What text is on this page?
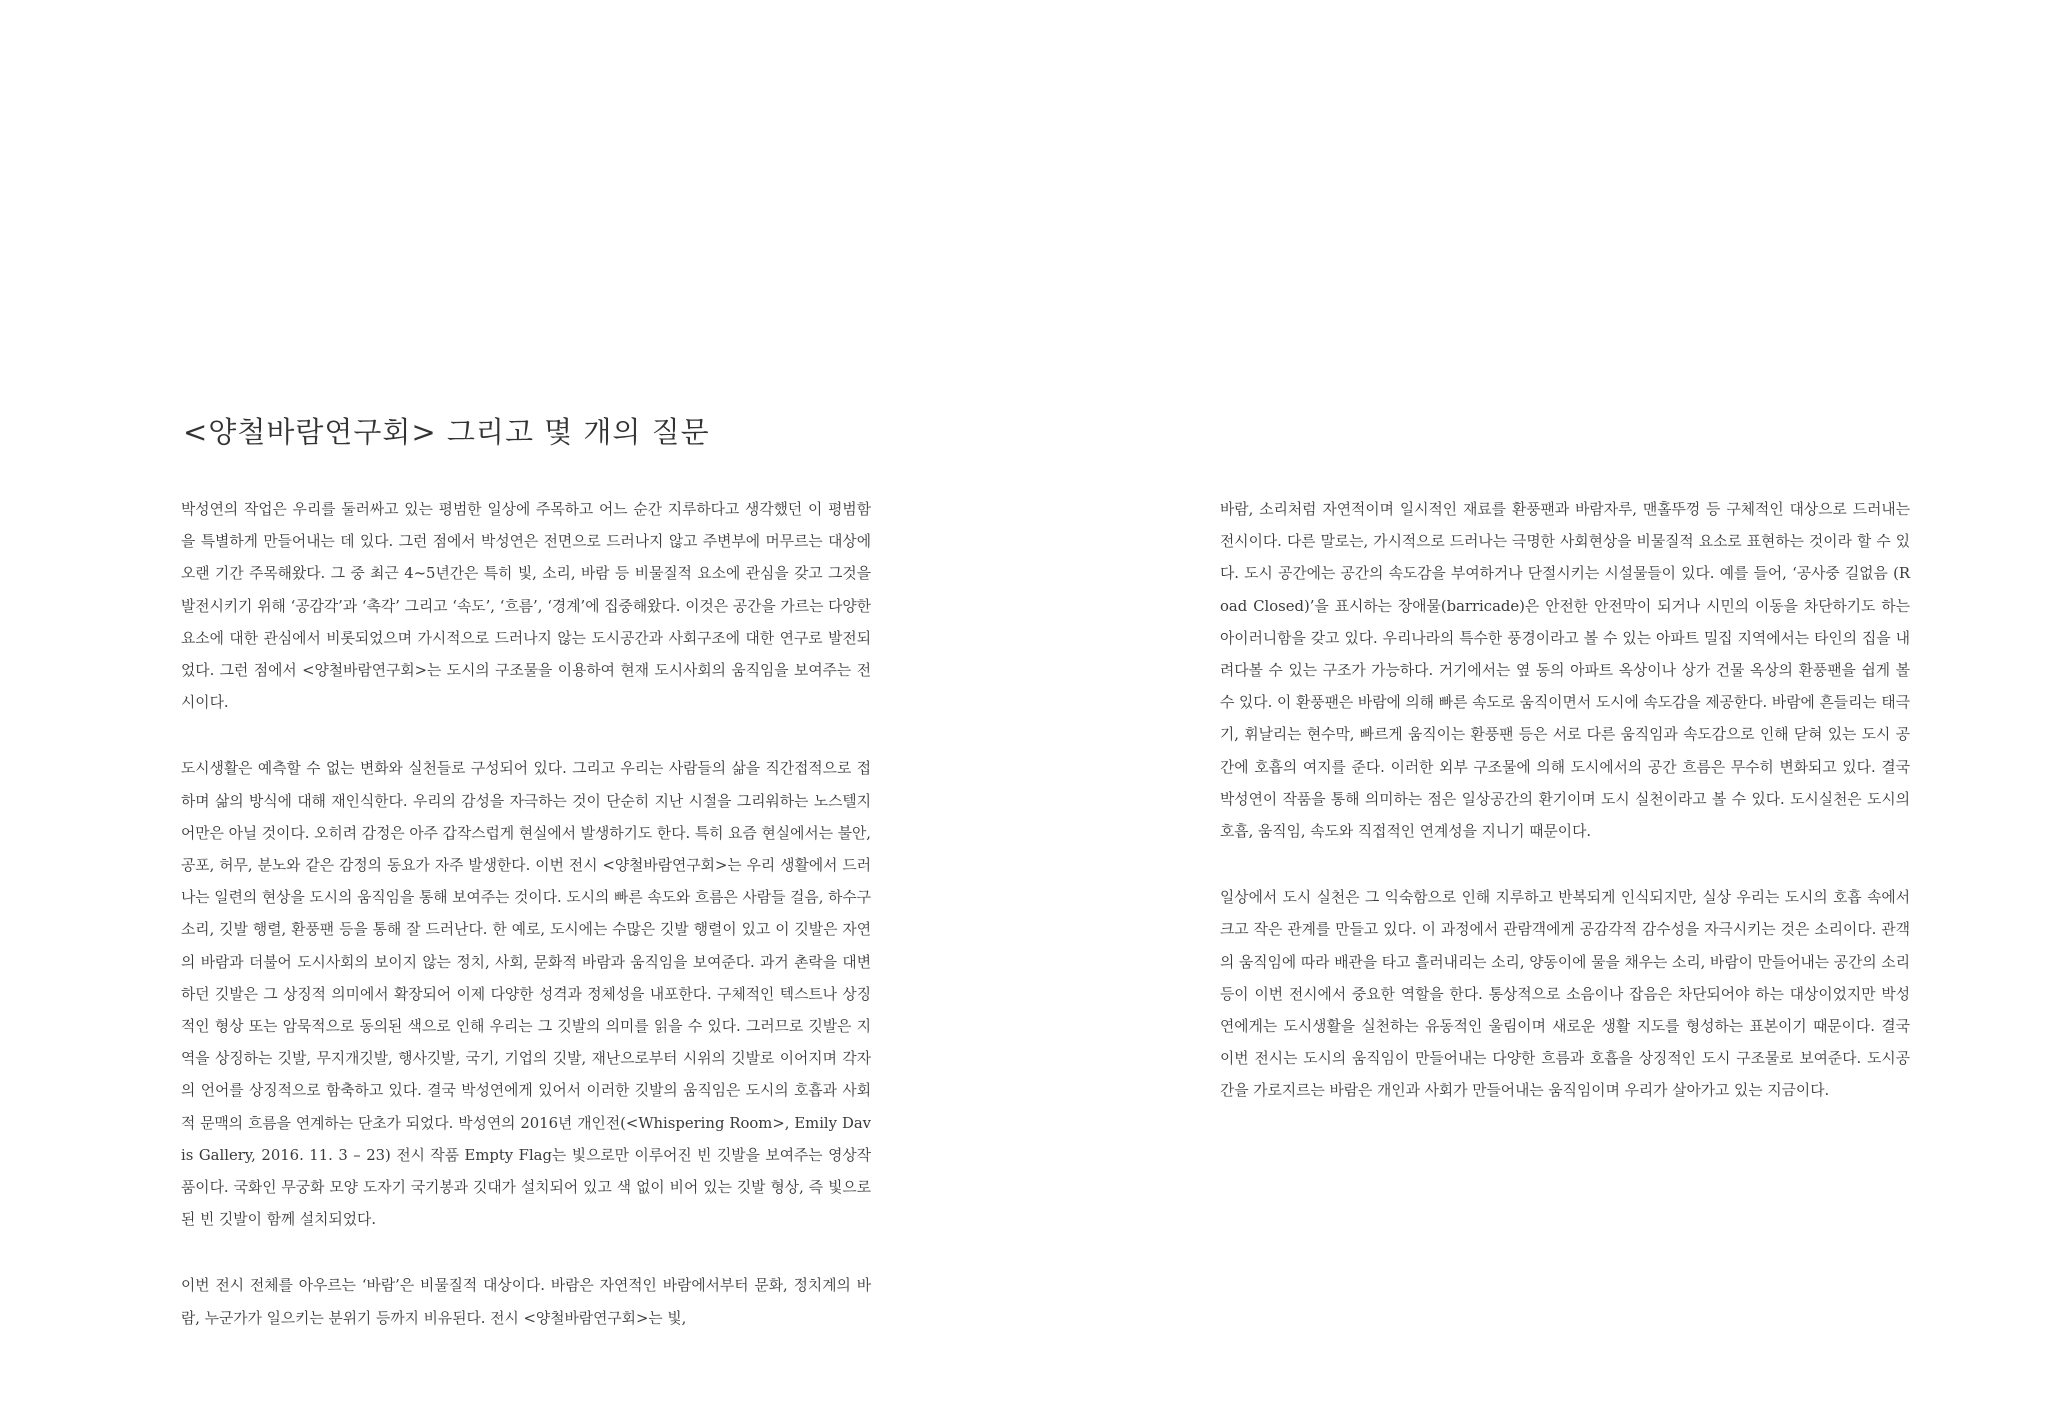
<양철바람연구회> 그리고 몇 개의 질문

박성연의 작업은 우리를 둘러싸고 있는 평범한 일상에 주목하고 어느 순간 지루하다고 생각했던 이 평범함을 특별하게 만들어내는 데 있다. 그런 점에서 박성연은 전면으로 드러나지 않고 주변부에 머무르는 대상에 오랜 기간 주목해왔다. 그 중 최근 4~5년간은 특히 빛, 소리, 바람 등 비물질적 요소에 관심을 갖고 그것을 발전시키기 위해 ‘공감각’과 ‘촉각’ 그리고 ‘속도’, ‘흐름’, ‘경계’에 집중해왔다. 이것은 공간을 가르는 다양한 요소에 대한 관심에서 비롯되었으며 가시적으로 드러나지 않는 도시공간과 사회구조에 대한 연구로 발전되었다. 그런 점에서 <양철바람연구회>는 도시의 구조물을 이용하여 현재 도시사회의 움직임을 보여주는 전시이다.

도시생활은 예측할 수 없는 변화와 실천들로 구성되어 있다. 그리고 우리는 사람들의 삶을 직간접적으로 접하며 삶의 방식에 대해 재인식한다. 우리의 감성을 자극하는 것이 단순히 지난 시절을 그리워하는 노스텔지어만은 아닐 것이다. 오히려 감정은 아주 갑작스럽게 현실에서 발생하기도 한다. 특히 요즘 현실에서는 불안, 공포, 허무, 분노와 같은 감정의 동요가 자주 발생한다. 이번 전시 <양철바람연구회>는 우리 생활에서 드러나는 일련의 현상을 도시의 움직임을 통해 보여주는 것이다. 도시의 빠른 속도와 흐름은 사람들 걸음, 하수구 소리, 깃발 행렬, 환풍팬 등을 통해 잘 드러난다. 한 예로, 도시에는 수많은 깃발 행렬이 있고 이 깃발은 자연의 바람과 더불어 도시사회의 보이지 않는 정치, 사회, 문화적 바람과 움직임을 보여준다. 과거 촌락을 대변하던 깃발은 그 상징적 의미에서 확장되어 이제 다양한 성격과 정체성을 내포한다. 구체적인 텍스트나 상징적인 형상 또는 암묵적으로 동의된 색으로 인해 우리는 그 깃발의 의미를 읽을 수 있다. 그러므로 깃발은 지역을 상징하는 깃발, 무지개깃발, 행사깃발, 국기, 기업의 깃발, 재난으로부터 시위의 깃발로 이어지며 각자의 언어를 상징적으로 함축하고 있다. 결국 박성연에게 있어서 이러한 깃발의 움직임은 도시의 호흡과 사회적 문맥의 흐름을 연계하는 단초가 되었다. 박성연의 2016년 개인전(<Whispering Room>, Emily Davis Gallery, 2016. 11. 3 – 23) 전시 작품 Empty Flag는 빛으로만 이루어진 빈 깃발을 보여주는 영상작품이다. 국화인 무궁화 모양 도자기 국기봉과 깃대가 설치되어 있고 색 없이 비어 있는 깃발 형상, 즉 빛으로 된 빈 깃발이 함께 설치되었다.

이번 전시 전체를 아우르는 ‘바람’은 비물질적 대상이다. 바람은 자연적인 바람에서부터 문화, 정치계의 바람, 누군가가 일으키는 분위기 등까지 비유된다. 전시 <양철바람연구회>는 빛,

바람, 소리처럼 자연적이며 일시적인 재료를 환풍팬과 바람자루, 맨홀뚜껑 등 구체적인 대상으로 드러내는 전시이다. 다른 말로는, 가시적으로 드러나는 극명한 사회현상을 비물질적 요소로 표현하는 것이라 할 수 있다. 도시 공간에는 공간의 속도감을 부여하거나 단절시키는 시설물들이 있다. 예를 들어, ‘공사중 길없음 (Road Closed)’을 표시하는 장애물(barricade)은 안전한 안전막이 되거나 시민의 이동을 차단하기도 하는 아이러니함을 갖고 있다. 우리나라의 특수한 풍경이라고 볼 수 있는 아파트 밀집 지역에서는 타인의 집을 내려다볼 수 있는 구조가 가능하다. 거기에서는 옆 동의 아파트 옥상이나 상가 건물 옥상의 환풍팬을 쉽게 볼 수 있다. 이 환풍팬은 바람에 의해 빠른 속도로 움직이면서 도시에 속도감을 제공한다. 바람에 흔들리는 태극기, 휘날리는 현수막, 빠르게 움직이는 환풍팬 등은 서로 다른 움직임과 속도감으로 인해 닫혀 있는 도시 공간에 호흡의 여지를 준다. 이러한 외부 구조물에 의해 도시에서의 공간 흐름은 무수히 변화되고 있다. 결국 박성연이 작품을 통해 의미하는 점은 일상공간의 환기이며 도시 실천이라고 볼 수 있다. 도시실천은 도시의 호흡, 움직임, 속도와 직접적인 연계성을 지니기 때문이다.

일상에서 도시 실천은 그 익숙함으로 인해 지루하고 반복되게 인식되지만, 실상 우리는 도시의 호흡 속에서 크고 작은 관계를 만들고 있다. 이 과정에서 관람객에게 공감각적 감수성을 자극시키는 것은 소리이다. 관객의 움직임에 따라 배관을 타고 흘러내리는 소리, 양동이에 물을 채우는 소리, 바람이 만들어내는 공간의 소리 등이 이번 전시에서 중요한 역할을 한다. 통상적으로 소음이나 잡음은 차단되어야 하는 대상이었지만 박성연에게는 도시생활을 실천하는 유동적인 울림이며 새로운 생활 지도를 형성하는 표본이기 때문이다. 결국 이번 전시는 도시의 움직임이 만들어내는 다양한 흐름과 호흡을 상징적인 도시 구조물로 보여준다. 도시공간을 가로지르는 바람은 개인과 사회가 만들어내는 움직임이며 우리가 살아가고 있는 지금이다.
